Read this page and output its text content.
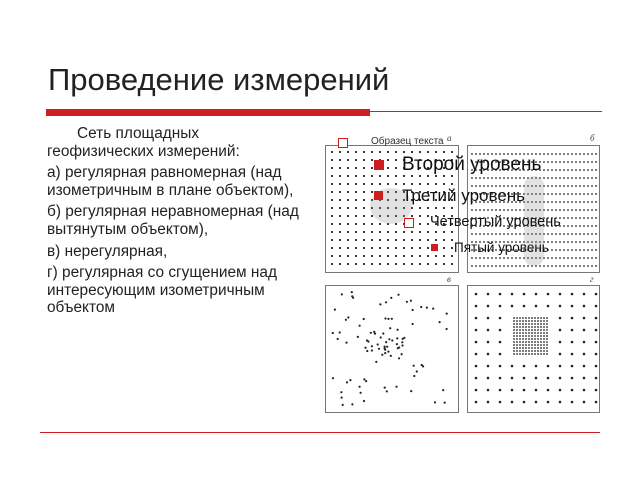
Проведение измерений

Сеть площадных геофизических измерений:

а) регулярная равномерная (над изометричным в плане объектом),

б) регулярная неравномерная (над вытянутым объектом),

в) нерегулярная,

г) регулярная со сгущением над интересующим изометричным объектом

а	б
в	г
Образец текста
Второй уровень
Третий уровень
Четвертый уровень
Пятый уровень
